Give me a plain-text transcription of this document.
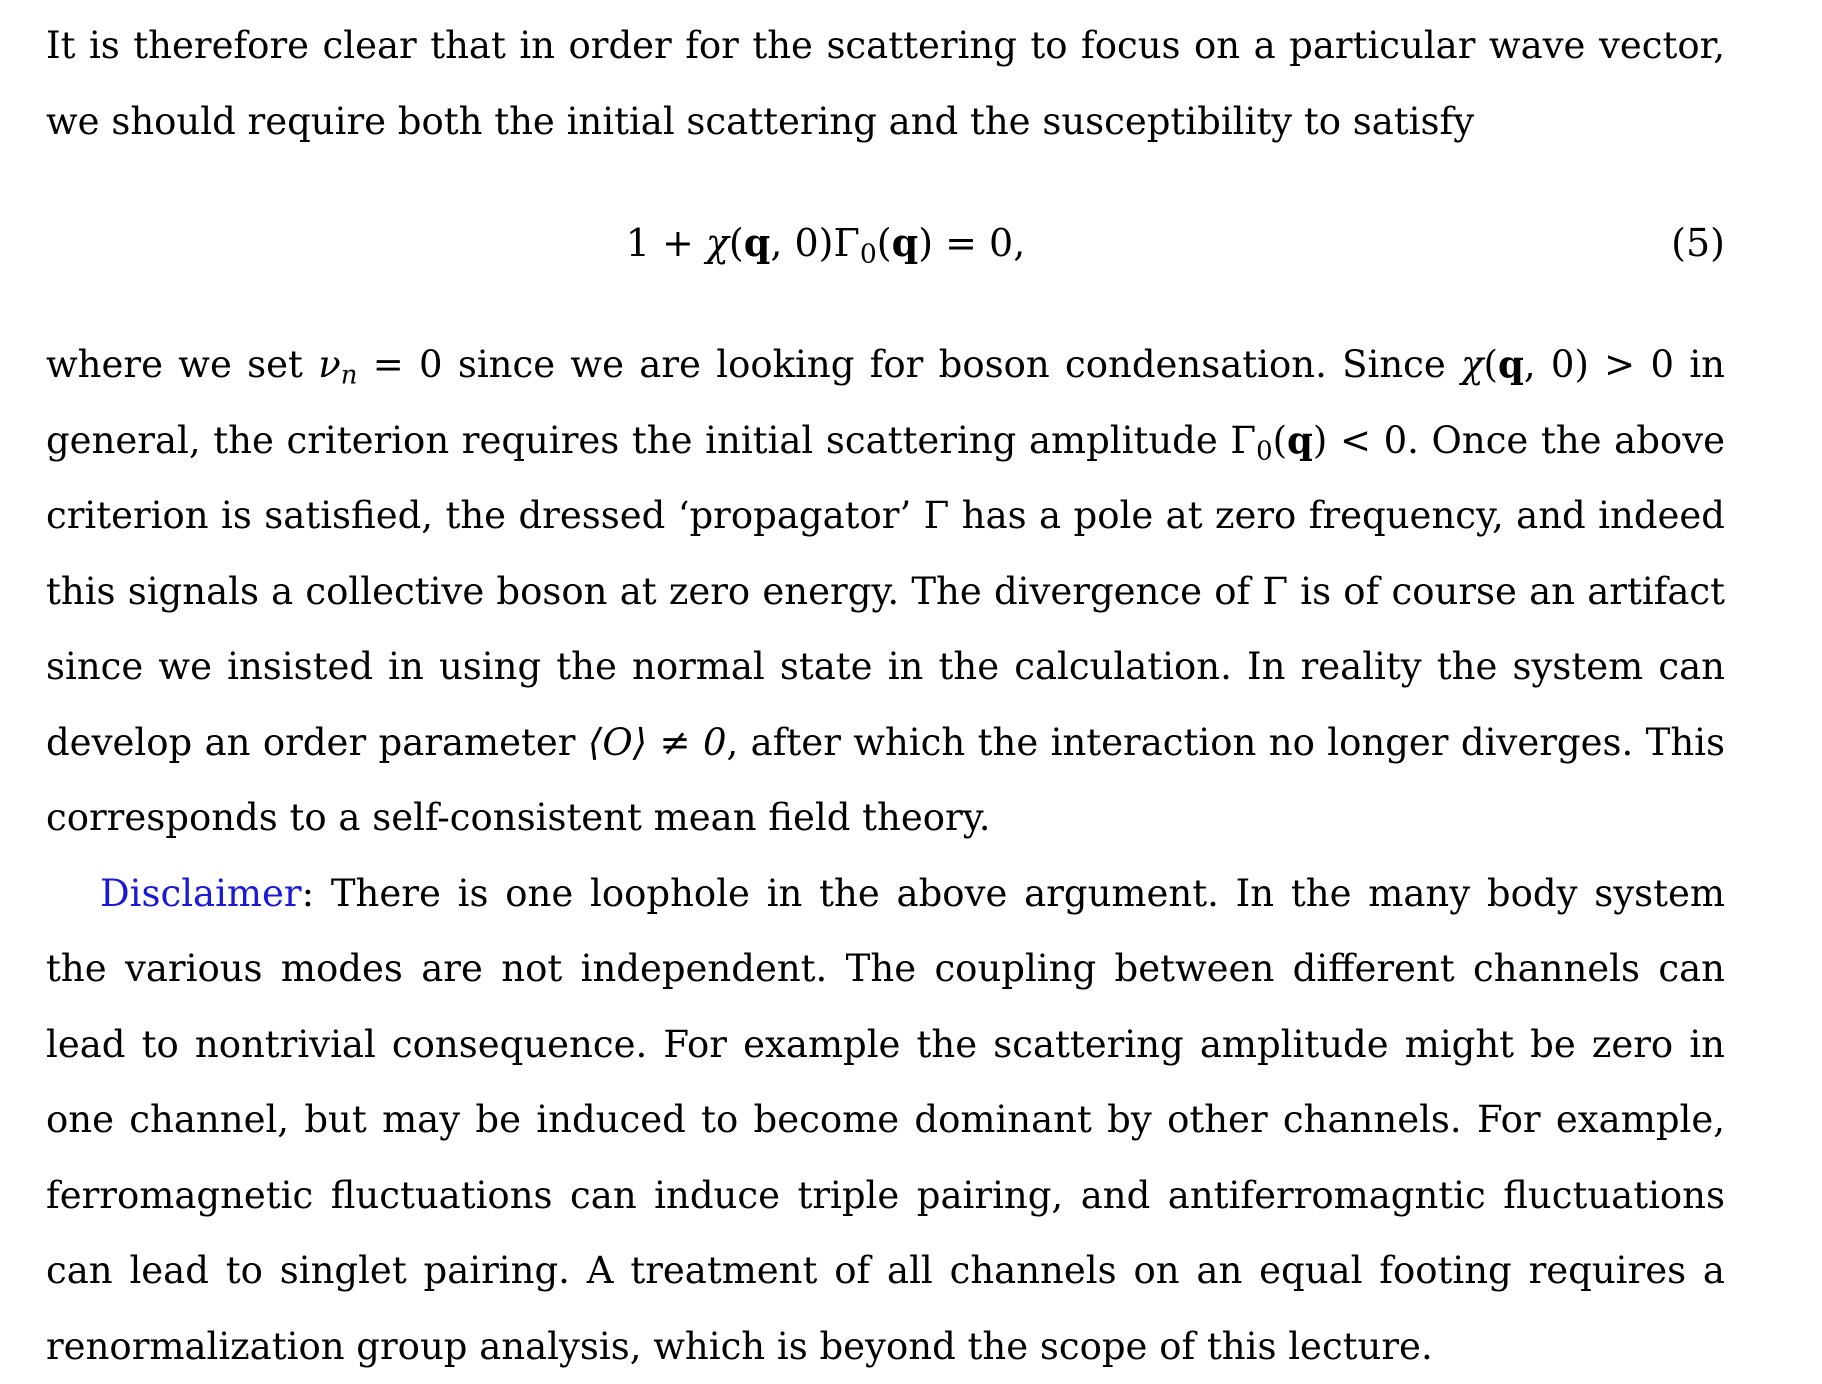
It is therefore clear that in order for the scattering to focus on a particular wave vector, we should require both the initial scattering and the susceptibility to satisfy

1 + χ(q, $0)\Gamma_0(q) = 0$,	(5)

where we set $\nu_n = 0$ since we are looking for boson condensation. Since χ(q, 0) > 0 in general, the criterion requires the initial scattering amplitude $\Gamma_0(q) < 0$. Once the above criterion is satisfied, the dressed ‘propagator’ Γ has a pole at zero frequency, and indeed this signals a collective boson at zero energy. The divergence of Γ is of course an artifact since we insisted in using the normal state in the calculation. In reality the system can develop an order parameter ⟨O⟩ ≠ 0, after which the interaction no longer diverges. This corresponds to a self-consistent mean field theory.

Disclaimer: There is one loophole in the above argument. In the many body system the various modes are not independent. The coupling between different channels can lead to nontrivial consequence. For example the scattering amplitude might be zero in one channel, but may be induced to become dominant by other channels. For example, ferromagnetic fluctuations can induce triple pairing, and antiferromagntic fluctuations can lead to singlet pairing. A treatment of all channels on an equal footing requires a renormalization group analysis, which is beyond the scope of this lecture.
